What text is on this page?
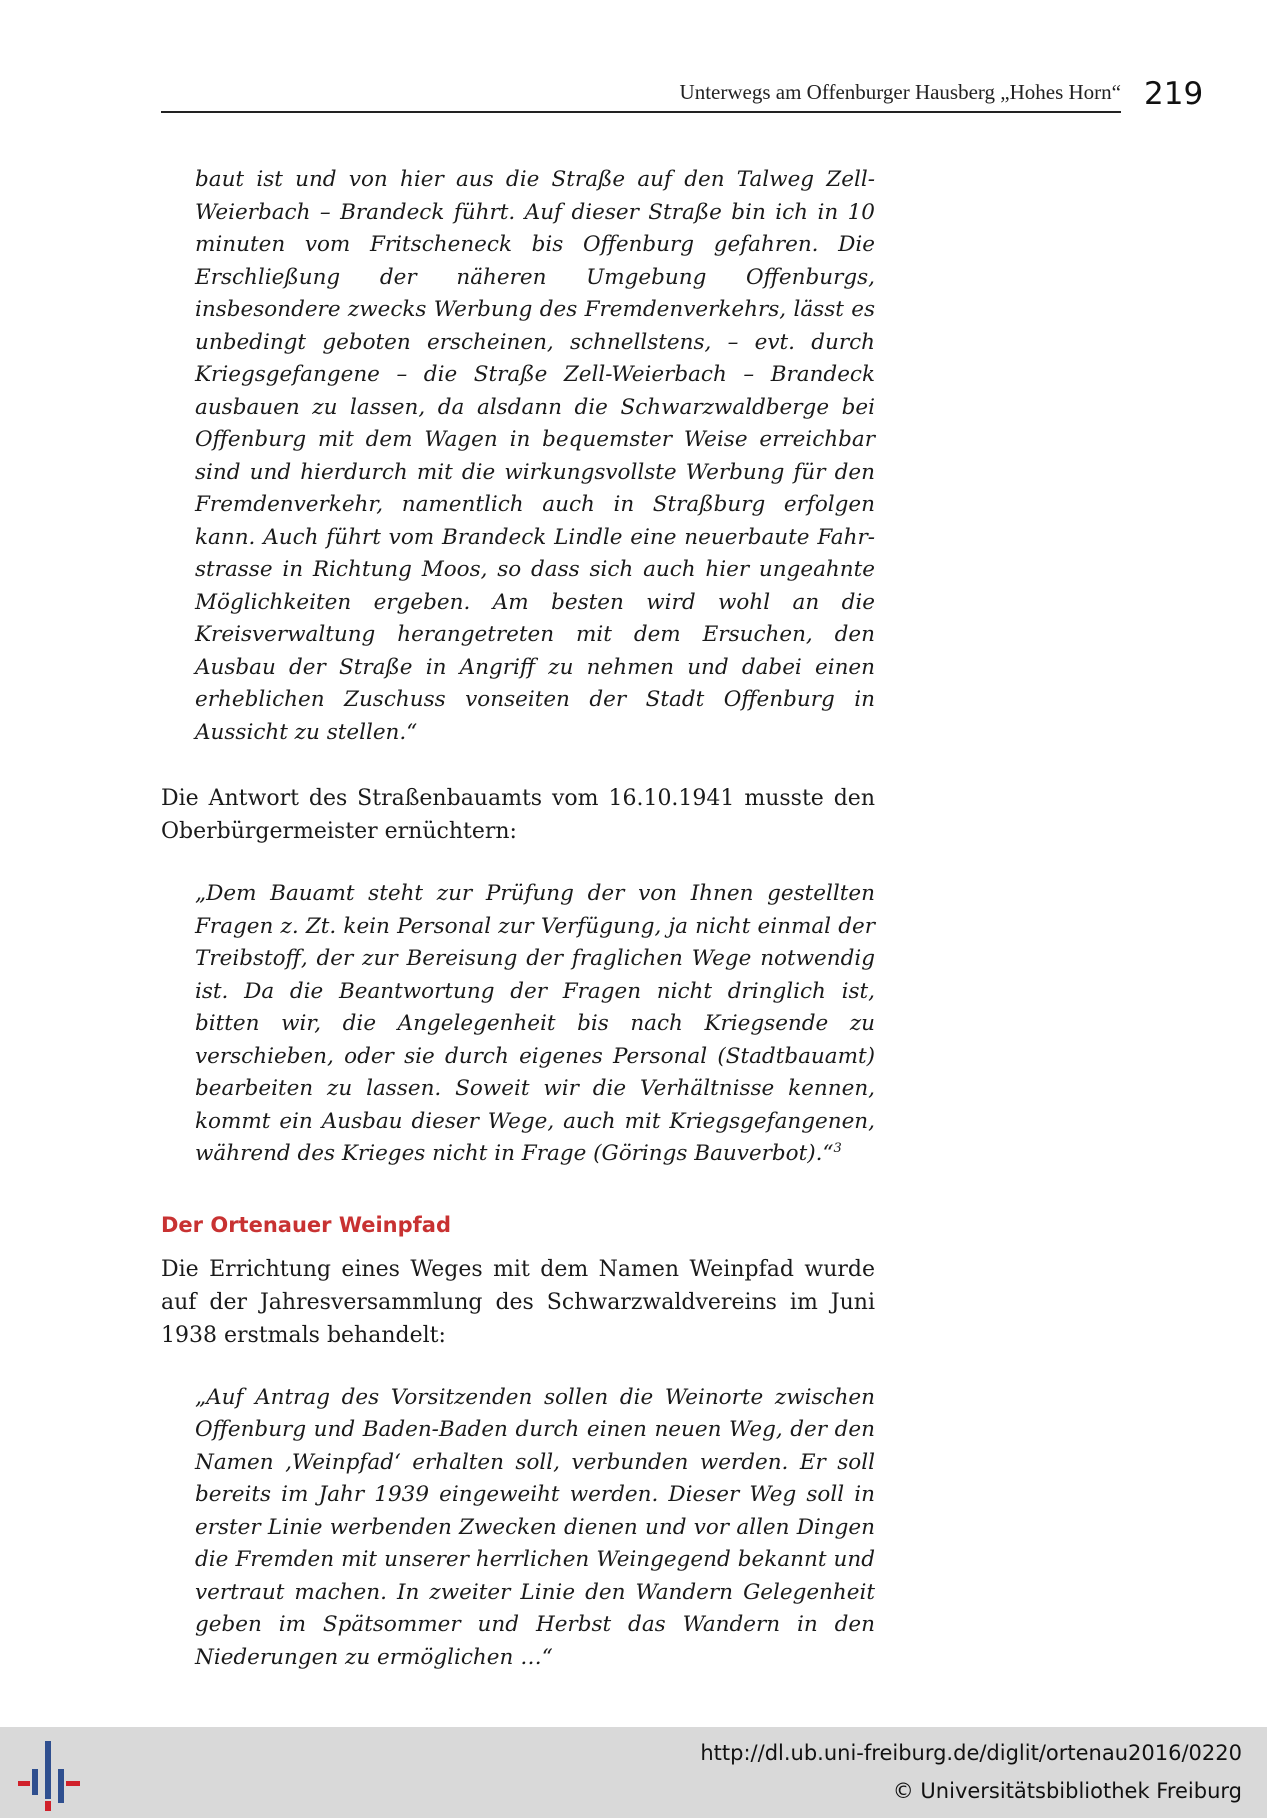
Unterwegs am Offenburger Hausberg „Hohes Horn“ 219

baut ist und von hier aus die Straße auf den Talweg Zell-Weierbach – Brandeck führt. Auf dieser Straße bin ich in 10 minuten vom Fritscheneck bis Offenburg gefahren. Die Erschließung der näheren Umgebung Offenburgs, insbesondere zwecks Werbung des Fremdenverkehrs, lässt es unbedingt geboten erscheinen, schnellstens, – evt. durch Kriegsgefangene – die Straße Zell-Weierbach – Brandeck ausbauen zu lassen, da alsdann die Schwarzwaldberge bei Offenburg mit dem Wagen in bequemster Weise erreichbar sind und hierdurch mit die wirkungsvollste Werbung für den Fremdenverkehr, namentlich auch in Straßburg erfolgen kann. Auch führt vom Brandeck Lindle eine neuerbaute Fahrstrasse in Richtung Moos, so dass sich auch hier ungeahnte Möglichkeiten ergeben. Am besten wird wohl an die Kreisverwaltung herangetreten mit dem Ersuchen, den Ausbau der Straße in Angriff zu nehmen und dabei einen erheblichen Zuschuss vonseiten der Stadt Offenburg in Aussicht zu stellen.“

Die Antwort des Straßenbauamts vom 16.10.1941 musste den Oberbürgermeister ernüchtern:

„Dem Bauamt steht zur Prüfung der von Ihnen gestellten Fragen z. Zt. kein Personal zur Verfügung, ja nicht einmal der Treibstoff, der zur Bereisung der fraglichen Wege notwendig ist. Da die Beantwortung der Fragen nicht dringlich ist, bitten wir, die Angelegenheit bis nach Kriegsende zu verschieben, oder sie durch eigenes Personal (Stadtbauamt) bearbeiten zu lassen. Soweit wir die Verhältnisse kennen, kommt ein Ausbau dieser Wege, auch mit Kriegsgefangenen, während des Krieges nicht in Frage (Görings Bauverbot).“$^3$

Der Ortenauer Weinpfad

Die Errichtung eines Weges mit dem Namen Weinpfad wurde auf der Jahresversammlung des Schwarzwaldvereins im Juni 1938 erstmals behandelt:

„Auf Antrag des Vorsitzenden sollen die Weinorte zwischen Offenburg und Baden-Baden durch einen neuen Weg, der den Namen ‚Weinpfad‘ erhalten soll, verbunden werden. Er soll bereits im Jahr 1939 eingeweiht werden. Dieser Weg soll in erster Linie werbenden Zwecken dienen und vor allen Dingen die Fremden mit unserer herrlichen Weingegend bekannt und vertraut machen. In zweiter Linie den Wandern Gelegenheit geben im Spätsommer und Herbst das Wandern in den Niederungen zu ermöglichen …“

http://dl.ub.uni-freiburg.de/diglit/ortenau2016/0220
© Universitätsbibliothek Freiburg
